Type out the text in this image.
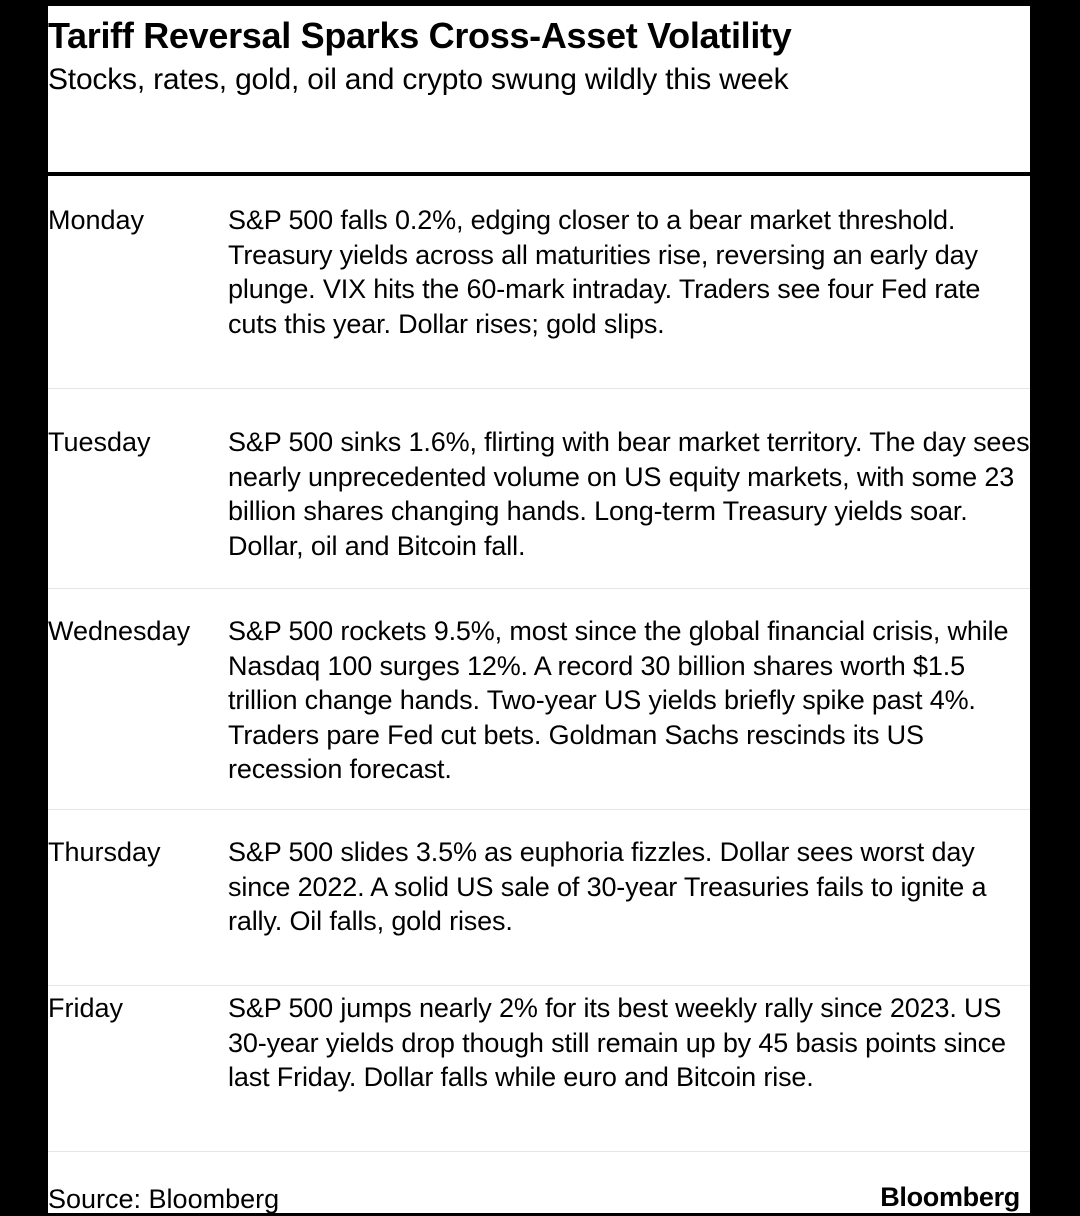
Tariff Reversal Sparks Cross-Asset Volatility
Stocks, rates, gold, oil and crypto swung wildly this week
Monday	S&P 500 falls 0.2%, edging closer to a bear market threshold. Treasury yields across all maturities rise, reversing an early day plunge. VIX hits the 60-mark intraday. Traders see four Fed rate cuts this year. Dollar rises; gold slips.
Tuesday	S&P 500 sinks 1.6%, flirting with bear market territory. The day sees nearly unprecedented volume on US equity markets, with some 23 billion shares changing hands. Long-term Treasury yields soar. Dollar, oil and Bitcoin fall.
Wednesday S&P 500 rockets 9.5%, most since the global financial crisis, while Nasdaq 100 surges 12%. A record 30 billion shares worth $1.5 trillion change hands. Two-year US yields briefly spike past 4%. Traders pare Fed cut bets. Goldman Sachs rescinds its US recession forecast.
Thursday S&P 500 slides 3.5% as euphoria fizzles. Dollar sees worst day since 2022. A solid US sale of 30-year Treasuries fails to ignite a rally. Oil falls, gold rises.
Friday	S&P 500 jumps nearly 2% for its best weekly rally since 2023. US 30-year yields drop though still remain up by 45 basis points since last Friday. Dollar falls while euro and Bitcoin rise.
Source: Bloomberg	Bloomberg
